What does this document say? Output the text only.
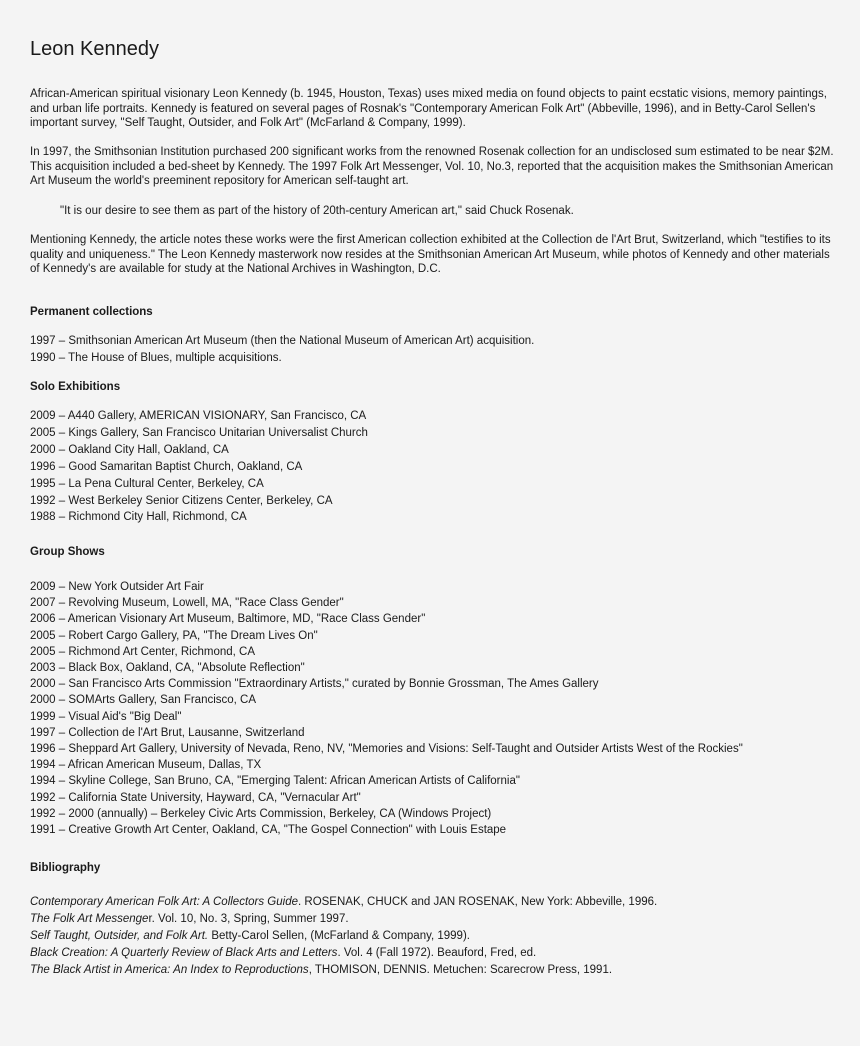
Leon Kennedy

African-American spiritual visionary Leon Kennedy (b. 1945, Houston, Texas) uses mixed media on found objects to paint ecstatic visions, memory paintings, and urban life portraits. Kennedy is featured on several pages of Rosnak's "Contemporary American Folk Art" (Abbeville, 1996), and in Betty-Carol Sellen's important survey, "Self Taught, Outsider, and Folk Art" (McFarland & Company, 1999).

In 1997, the Smithsonian Institution purchased 200 significant works from the renowned Rosenak collection for an undisclosed sum estimated to be near $2M. This acquisition included a bed-sheet by Kennedy. The 1997 Folk Art Messenger, Vol. 10, No.3, reported that the acquisition makes the Smithsonian American Art Museum the world's preeminent repository for American self-taught art.

"It is our desire to see them as part of the history of 20th-century American art," said Chuck Rosenak.

Mentioning Kennedy, the article notes these works were the first American collection exhibited at the Collection de l'Art Brut, Switzerland, which "testifies to its quality and uniqueness." The Leon Kennedy masterwork now resides at the Smithsonian American Art Museum, while photos of Kennedy and other materials of Kennedy's are available for study at the National Archives in Washington, D.C.

Permanent collections
1997 – Smithsonian American Art Museum (then the National Museum of American Art) acquisition.
1990 – The House of Blues, multiple acquisitions.
Solo Exhibitions
2009 – A440 Gallery, AMERICAN VISIONARY, San Francisco, CA
2005 – Kings Gallery, San Francisco Unitarian Universalist Church
2000 – Oakland City Hall, Oakland, CA
1996 – Good Samaritan Baptist Church, Oakland, CA
1995 – La Pena Cultural Center, Berkeley, CA
1992 – West Berkeley Senior Citizens Center, Berkeley, CA
1988 – Richmond City Hall, Richmond, CA
Group Shows
2009 – New York Outsider Art Fair
2007 – Revolving Museum, Lowell, MA, "Race Class Gender"
2006 – American Visionary Art Museum, Baltimore, MD, "Race Class Gender"
2005 – Robert Cargo Gallery, PA, "The Dream Lives On"
2005 – Richmond Art Center, Richmond, CA
2003 – Black Box, Oakland, CA, "Absolute Reflection"
2000 – San Francisco Arts Commission "Extraordinary Artists," curated by Bonnie Grossman, The Ames Gallery
2000 – SOMArts Gallery, San Francisco, CA
1999 – Visual Aid's "Big Deal"
1997 – Collection de l'Art Brut, Lausanne, Switzerland
1996 – Sheppard Art Gallery, University of Nevada, Reno, NV, "Memories and Visions: Self-Taught and Outsider Artists West of the Rockies"
1994 – African American Museum, Dallas, TX
1994 – Skyline College, San Bruno, CA, "Emerging Talent: African American Artists of California"
1992 – California State University, Hayward, CA, "Vernacular Art"
1992 – 2000 (annually) – Berkeley Civic Arts Commission, Berkeley, CA (Windows Project)
1991 – Creative Growth Art Center, Oakland, CA, "The Gospel Connection" with Louis Estape
Bibliography
Contemporary American Folk Art: A Collectors Guide. ROSENAK, CHUCK and JAN ROSENAK, New York: Abbeville, 1996.
The Folk Art Messenger. Vol. 10, No. 3, Spring, Summer 1997.
Self Taught, Outsider, and Folk Art. Betty-Carol Sellen, (McFarland & Company, 1999).
Black Creation: A Quarterly Review of Black Arts and Letters. Vol. 4 (Fall 1972). Beauford, Fred, ed.
The Black Artist in America: An Index to Reproductions, THOMISON, DENNIS. Metuchen: Scarecrow Press, 1991.
